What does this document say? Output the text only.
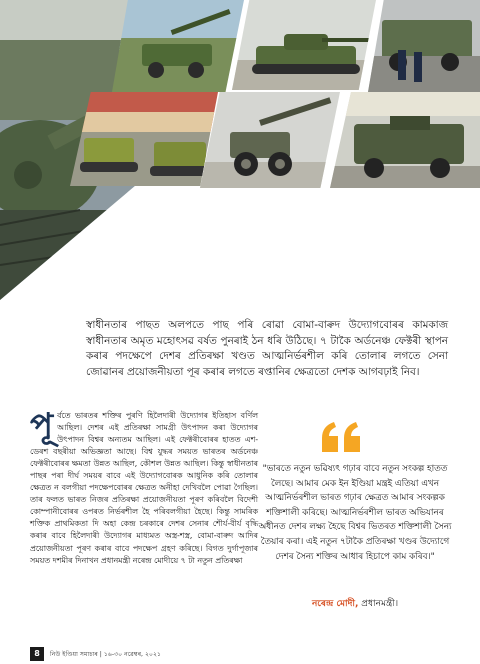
স্বাধীনতাৰ পাছত অলপতে পাছ পৰি ৰোৱা বোমা-বাৰুদ উদ্যোগবোৰৰ কামকাজ স্বাধীনতাৰ অমৃত মহোৎসৱ বৰ্ষত পুনৰাই ঠন ধৰি উঠিছে। ৭ টাকৈ অৰ্ডনেঞ্চ ফেক্টৰী স্থাপন কৰাৰ পদক্ষেপে দেশৰ প্ৰতিৰক্ষা খণ্ডত আত্মনিৰ্ভৰশীল কৰি তোলাৰ লগতে সেনা জোৱানৰ প্ৰয়োজনীয়তা পূৰ কৰাৰ লগতে ৰপ্তানিৰ ক্ষেত্ৰতো দেশক আগবঢ়াই নিব।

পূ ৰ্বতে ভাৰতৰ শক্তিৰ পুৰণি হিলৈদাৰী উদ্যোগৰ ইতিহাস বৰ্ণিল আছিল। দেশৰ এই প্ৰতিৰক্ষা সামগ্ৰী উৎপাদন কৰা উদ্যোগৰ উৎপাদন বিশ্বৰ অন্যতম আছিল। এই ফেক্টৰীবোৰৰ হাতত এশ-ডেৰশ বছৰীয়া অভিজ্ঞতা আছে। বিশ্ব যুদ্ধৰ সময়ত ভাৰতৰ অৰ্ডনেঞ্চ ফেক্টৰীবোৰৰ ক্ষমতা উন্নত আছিল, কৌশল উন্নত আছিল। কিন্তু স্বাধীনতাৰ পাছৰ পৰা দীৰ্ঘ সময়ৰ বাবে এই উদ্যোগবোৰক আধুনিক কৰি তোলাৰ ক্ষেত্ৰত ন বলগীয়া পদক্ষেপবোৰৰ ক্ষেত্ৰত অনীহা দেখিবলৈ পোৱা গৈছিল। তাৰ ফলত ভাৰত নিজৰ প্ৰতিৰক্ষা প্ৰয়োজনীয়তা পূৰণ কৰিবলৈ বিদেশী কোম্পানীবোৰৰ ওপৰত নিৰ্ভৰশীল হৈ পৰিবলগীয়া হৈছে। কিন্তু সামৰিক শক্তিক প্ৰাথমিকতা দি অহা কেন্দ্ৰ চৰকাৰে দেশৰ সেনাৰ শৌৰ্য-বীৰ্য বৃদ্ধি কৰাৰ বাবে হিলৈদাৰী উদ্যোগৰ মাধ্যমত অস্ত্ৰ-শস্ত্ৰ, বোমা-বাৰুদ আদিৰ প্ৰয়োজনীয়তা পূৰণ কৰাৰ বাবে পদক্ষেপ গ্ৰহণ কৰিছে। বিগত দুৰ্গাপূজাৰ সময়ত দশমীৰ দিনাখন প্ৰধানমন্ত্ৰী নৰেন্দ্ৰ মোদীয়ে ৭ টা নতুন প্ৰতিৰক্ষা

"ভাৰতে নতুন ভৱিষ্যৎ গঢ়াৰ বাবে নতুন সংকল্প হাতত লৈছে। আমাৰ মেক ইন ইণ্ডিয়া মন্ত্ৰই এতিয়া এখন আত্মনিৰ্ভৰশীল ভাৰত গঢ়াৰ ক্ষেত্ৰত আমাৰ সংকল্পক শক্তিশালী কৰিছে। আত্মনিৰ্ভৰশীল ভাৰত অভিযানৰ অধীনত দেশৰ লক্ষ্য হৈছে বিশ্বৰ ভিতৰত শক্তিশালী সৈন্য তৈয়াৰ কৰা। এই নতুন ৭টাকৈ প্ৰতিৰক্ষা খণ্ডৰ উদ্যোগে দেশৰ সৈন্য শক্তিৰ আধাৰ হিচাপে কাম কৰিব।"

নৰেন্দ্ৰ মোদী, প্ৰধানমন্ত্ৰী।

8	নিউ ইণ্ডিয়া সমাচাৰ | ১৬-৩০ নৱেম্বৰ, ২০২১
